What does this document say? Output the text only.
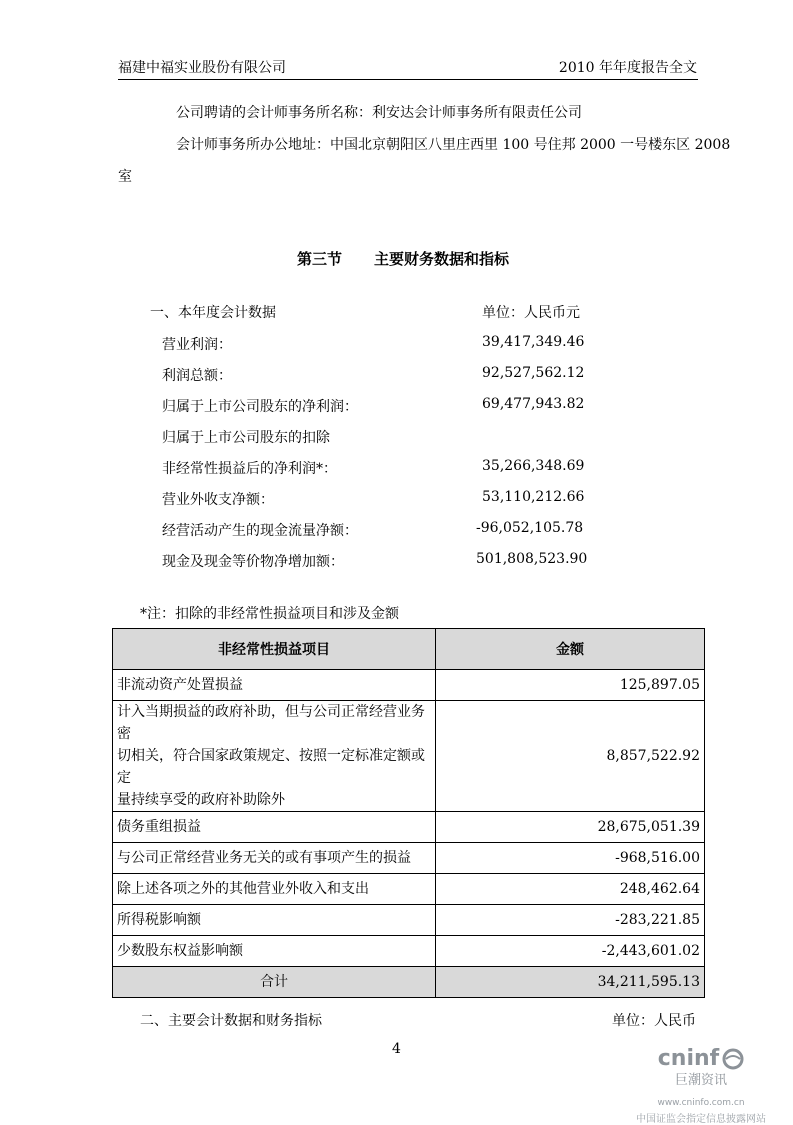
福建中福实业股份有限公司	2010 年年度报告全文
公司聘请的会计师事务所名称：利安达会计师事务所有限责任公司
会计师事务所办公地址：中国北京朝阳区八里庄西里 100 号住邦 2000 一号楼东区 2008
室
第三节 主要财务数据和指标
一、本年度会计数据	单位：人民币元
营业利润：	39,417,349.46
利润总额：	92,527,562.12
归属于上市公司股东的净利润：	69,477,943.82
归属于上市公司股东的扣除
非经常性损益后的净利润*：	35,266,348.69
营业外收支净额：	53,110,212.66
经营活动产生的现金流量净额：	-96,052,105.78
现金及现金等价物净增加额：	501,808,523.90
*注：扣除的非经常性损益项目和涉及金额
非经常性损益项目	金额
非流动资产处置损益	125,897.05

计入当期损益的政府补助，但与公司正常经营业务密
切相关，符合国家政策规定、按照一定标准定额或定
量持续享受的政府补助除外	8,857,522.92
债务重组损益	28,675,051.39
与公司正常经营业务无关的或有事项产生的损益	-968,516.00
除上述各项之外的其他营业外收入和支出	248,462.64
所得税影响额	-283,221.85
少数股东权益影响额	-2,443,601.02
合计	34,211,595.13
二、主要会计数据和财务指标	单位：人民币
4	cninf
巨潮资讯
www.cninfo.com.cn
中国证监会指定信息披露网站
